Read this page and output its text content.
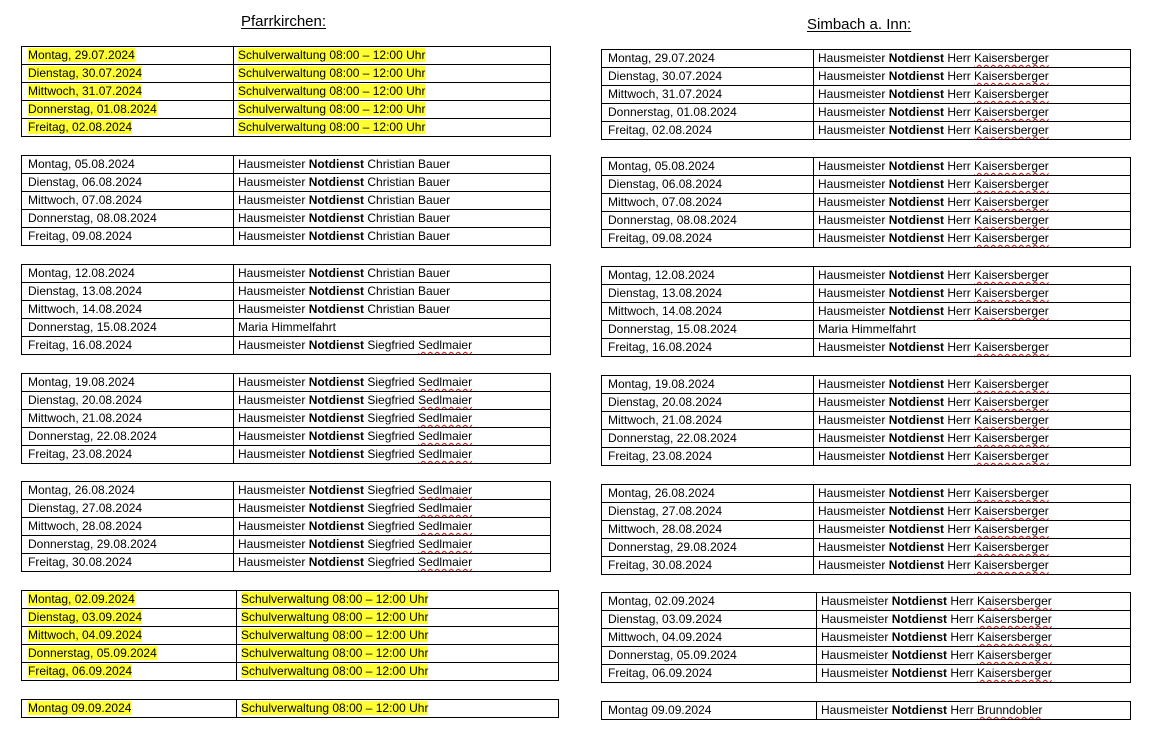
Pfarrkirchen:	Simbach a. Inn:
Montag, 29.07.2024	Schulverwaltung 08:00 – 12:00 Uhr
Dienstag, 30.07.2024	Schulverwaltung 08:00 – 12:00 Uhr
Mittwoch, 31.07.2024	Schulverwaltung 08:00 – 12:00 Uhr
Donnerstag, 01.08.2024	Schulverwaltung 08:00 – 12:00 Uhr
Freitag, 02.08.2024	Schulverwaltung 08:00 – 12:00 Uhr
Montag, 05.08.2024	Hausmeister Notdienst Christian Bauer
Dienstag, 06.08.2024	Hausmeister Notdienst Christian Bauer
Mittwoch, 07.08.2024	Hausmeister Notdienst Christian Bauer
Donnerstag, 08.08.2024	Hausmeister Notdienst Christian Bauer
Freitag, 09.08.2024	Hausmeister Notdienst Christian Bauer
Montag, 12.08.2024	Hausmeister Notdienst Christian Bauer
Dienstag, 13.08.2024	Hausmeister Notdienst Christian Bauer
Mittwoch, 14.08.2024	Hausmeister Notdienst Christian Bauer
Donnerstag, 15.08.2024	Maria Himmelfahrt
Freitag, 16.08.2024	Hausmeister Notdienst Siegfried Sedlmaier
Montag, 19.08.2024	Hausmeister Notdienst Siegfried Sedlmaier
Dienstag, 20.08.2024	Hausmeister Notdienst Siegfried Sedlmaier
Mittwoch, 21.08.2024	Hausmeister Notdienst Siegfried Sedlmaier
Donnerstag, 22.08.2024	Hausmeister Notdienst Siegfried Sedlmaier
Freitag, 23.08.2024	Hausmeister Notdienst Siegfried Sedlmaier
Montag, 26.08.2024	Hausmeister Notdienst Siegfried Sedlmaier
Dienstag, 27.08.2024	Hausmeister Notdienst Siegfried Sedlmaier
Mittwoch, 28.08.2024	Hausmeister Notdienst Siegfried Sedlmaier
Donnerstag, 29.08.2024	Hausmeister Notdienst Siegfried Sedlmaier
Freitag, 30.08.2024	Hausmeister Notdienst Siegfried Sedlmaier
Montag, 02.09.2024	Schulverwaltung 08:00 – 12:00 Uhr
Dienstag, 03.09.2024	Schulverwaltung 08:00 – 12:00 Uhr
Mittwoch, 04.09.2024	Schulverwaltung 08:00 – 12:00 Uhr
Donnerstag, 05.09.2024	Schulverwaltung 08:00 – 12:00 Uhr
Freitag, 06.09.2024	Schulverwaltung 08:00 – 12:00 Uhr
Montag 09.09.2024	Schulverwaltung 08:00 – 12:00 Uhr
Montag, 29.07.2024	Hausmeister Notdienst Herr Kaisersberger
Dienstag, 30.07.2024	Hausmeister Notdienst Herr Kaisersberger
Mittwoch, 31.07.2024	Hausmeister Notdienst Herr Kaisersberger
Donnerstag, 01.08.2024	Hausmeister Notdienst Herr Kaisersberger
Freitag, 02.08.2024	Hausmeister Notdienst Herr Kaisersberger
Montag, 05.08.2024	Hausmeister Notdienst Herr Kaisersberger
Dienstag, 06.08.2024	Hausmeister Notdienst Herr Kaisersberger
Mittwoch, 07.08.2024	Hausmeister Notdienst Herr Kaisersberger
Donnerstag, 08.08.2024	Hausmeister Notdienst Herr Kaisersberger
Freitag, 09.08.2024	Hausmeister Notdienst Herr Kaisersberger
Montag, 12.08.2024	Hausmeister Notdienst Herr Kaisersberger
Dienstag, 13.08.2024	Hausmeister Notdienst Herr Kaisersberger
Mittwoch, 14.08.2024	Hausmeister Notdienst Herr Kaisersberger
Donnerstag, 15.08.2024	Maria Himmelfahrt
Freitag, 16.08.2024	Hausmeister Notdienst Herr Kaisersberger
Montag, 19.08.2024	Hausmeister Notdienst Herr Kaisersberger
Dienstag, 20.08.2024	Hausmeister Notdienst Herr Kaisersberger
Mittwoch, 21.08.2024	Hausmeister Notdienst Herr Kaisersberger
Donnerstag, 22.08.2024	Hausmeister Notdienst Herr Kaisersberger
Freitag, 23.08.2024	Hausmeister Notdienst Herr Kaisersberger
Montag, 26.08.2024	Hausmeister Notdienst Herr Kaisersberger
Dienstag, 27.08.2024	Hausmeister Notdienst Herr Kaisersberger
Mittwoch, 28.08.2024	Hausmeister Notdienst Herr Kaisersberger
Donnerstag, 29.08.2024	Hausmeister Notdienst Herr Kaisersberger
Freitag, 30.08.2024	Hausmeister Notdienst Herr Kaisersberger
Montag, 02.09.2024	Hausmeister Notdienst Herr Kaisersberger
Dienstag, 03.09.2024	Hausmeister Notdienst Herr Kaisersberger
Mittwoch, 04.09.2024	Hausmeister Notdienst Herr Kaisersberger
Donnerstag, 05.09.2024	Hausmeister Notdienst Herr Kaisersberger
Freitag, 06.09.2024	Hausmeister Notdienst Herr Kaisersberger
Montag 09.09.2024	Hausmeister Notdienst Herr Brunndobler
